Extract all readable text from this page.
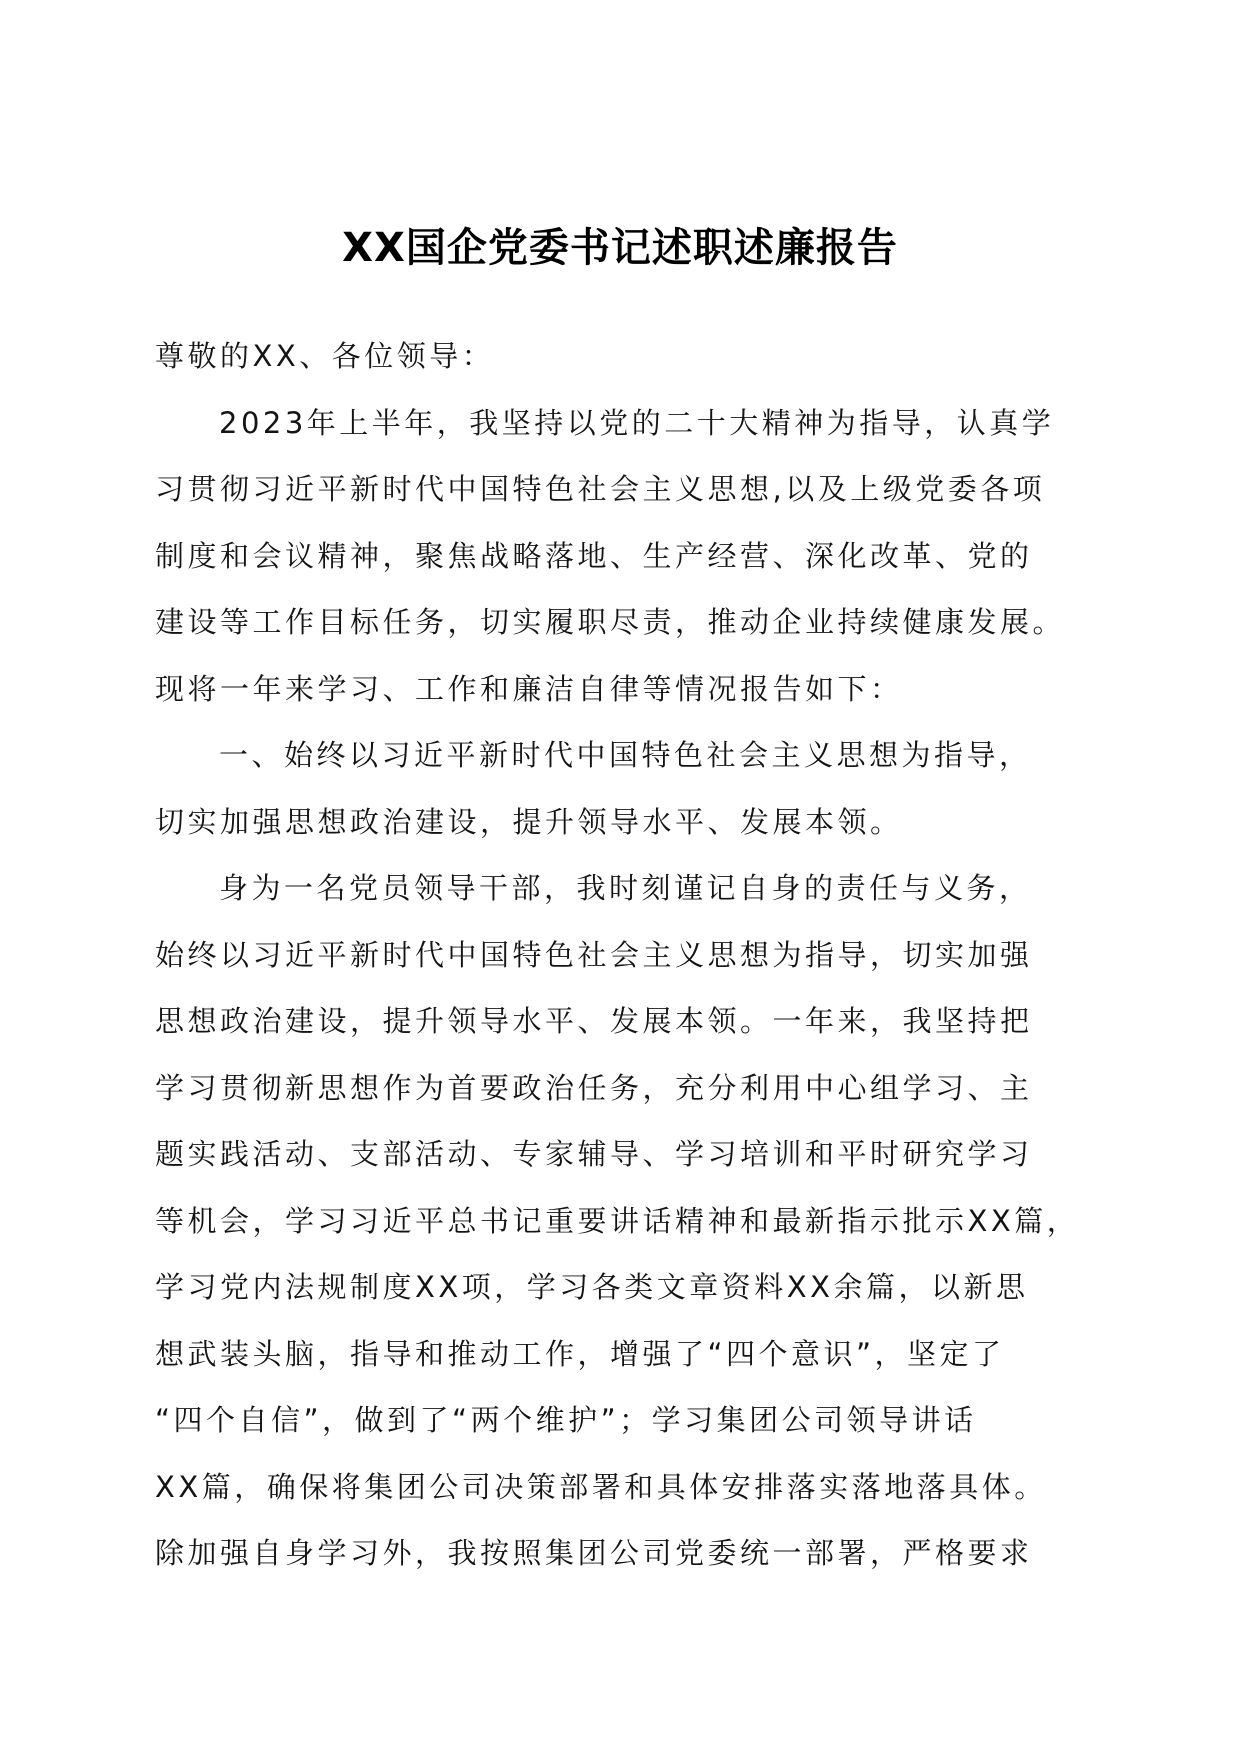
XX国企党委书记述职述廉报告
尊敬的XX、各位领导：
2023年上半年，我坚持以党的二十大精神为指导，认真学
习贯彻习近平新时代中国特色社会主义思想,以及上级党委各项
制度和会议精神，聚焦战略落地、生产经营、深化改革、党的
建设等工作目标任务，切实履职尽责，推动企业持续健康发展。
现将一年来学习、工作和廉洁自律等情况报告如下：
一、始终以习近平新时代中国特色社会主义思想为指导，
切实加强思想政治建设，提升领导水平、发展本领。
身为一名党员领导干部，我时刻谨记自身的责任与义务，
始终以习近平新时代中国特色社会主义思想为指导，切实加强
思想政治建设，提升领导水平、发展本领。一年来，我坚持把
学习贯彻新思想作为首要政治任务，充分利用中心组学习、主
题实践活动、支部活动、专家辅导、学习培训和平时研究学习
等机会，学习习近平总书记重要讲话精神和最新指示批示XX篇，
学习党内法规制度XX项，学习各类文章资料XX余篇，以新思
想武装头脑，指导和推动工作，增强了“四个意识”，坚定了
“四个自信”，做到了“两个维护”；学习集团公司领导讲话
XX篇，确保将集团公司决策部署和具体安排落实落地落具体。
除加强自身学习外，我按照集团公司党委统一部署，严格要求
